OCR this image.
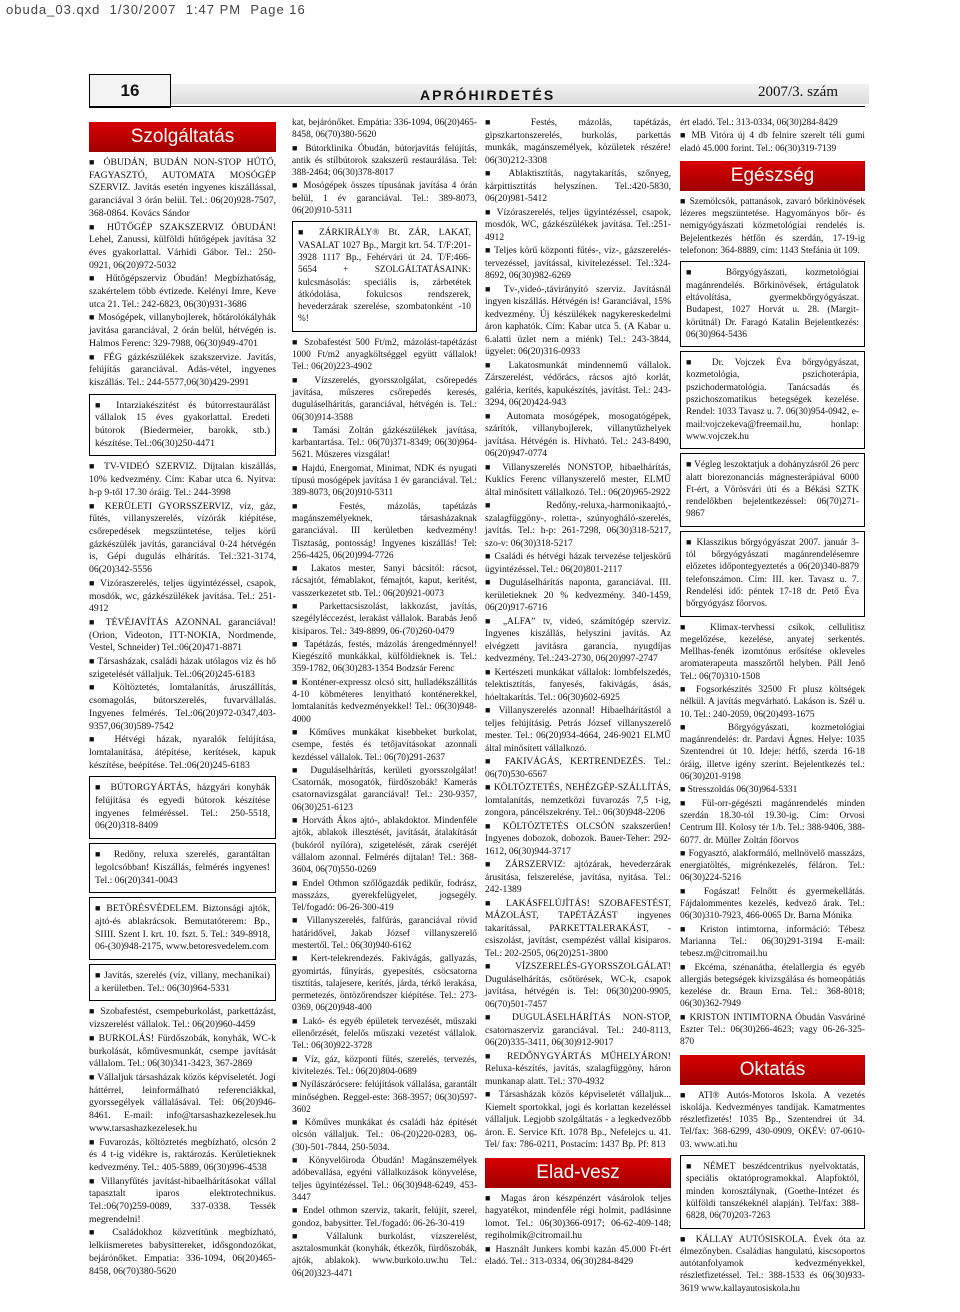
obuda_03.qxd  1/30/2007  1:47 PM  Page 16
16	APRÓHIRDETÉS	2007/3. szám
Szolgáltatás

■ ÓBUDÁN, BUDÁN NON-STOP HŰTŐ, FAGYASZTÓ, AUTOMATA MOSÓGÉP SZERVIZ. Javítás esetén ingyenes kiszállással, garanciával 3 órán belül. Tel.: 06(20)928-7507, 368-0864. Kovács Sándor

■ HŰTŐGÉP SZAKSZERVIZ ÓBUDÁN! Lehel, Zanussi, külföldi hűtőgépek javítása 32 éves gyakorlattal. Várhidi Gábor. Tel.: 250-0921, 06(20)972-5032

■ Hűtőgépszerviz Óbudán! Megbízhatóság, szakértelem több évtizede. Kelényi Imre, Keve utca 21. Tel.: 242-6823, 06(30)931-3686

■ Mosógépek, villanybojlerek, hőtárolókályhák javítása garanciával, 2 órán belül, hétvégén is. Halmos Ferenc: 329-7988, 06(30)949-4701

■ FÉG gázkészülékek szakszervize. Javítás, felújítás garanciával. Adás-vétel, ingyenes kiszállás. Tel.: 244-5577,06(30)429-2991

■ Intarziakészítést és bútorrestaurálást vállalok 15 éves gyakorlattal. Eredeti bútorok (Biedermeier, barokk, stb.) készítése. Tel.:06(30)250-4471

■ TV-VIDEÓ SZERVIZ. Díjtalan kiszállás, 10% kedvezmény. Cím: Kabar utca 6. Nyitva: h-p 9-től 17.30 óráig. Tel.: 244-3998

■ KERÜLETI GYORSSZERVIZ, víz, gáz, fűtés, villanyszerelés, vízórák kiépítése, csőrepedések megszüntetése, teljes körű gázkészülék javítás, garanciával 0-24 hétvégén is, Gépi dugulás elhárítás. Tel.:321-3174, 06(20)342-5556

■ Vízóraszerelés, teljes ügyintézéssel, csapok, mosdók, wc, gázkészülékek javítása. Tel.: 251- 4912

■ TÉVÉJAVÍTÁS AZONNAL garanciával! (Orion, Videoton, ITT-NOKIA, Nordmende, Vestel, Schneider) Tel.:06(20)471-8871

■ Társasházak, családi házak utólagos víz és hő szigetelését vállaljuk. Tel.:06(20)245-6183

■ Költöztetés, lomtalanítás, áruszállítás, csomagolás, bútorszerelés, fuvarvállalás. Ingyenes felmérés. Tel.:06(20)972-0347,403-9357,06(30)589-7542

■ Hétvégi házak, nyaralók felújítása, lomtalanítása, átépítése, kerítések, kapuk készítése, beépítése. Tel.:06(20)245-6183

■ BÚTORGYÁRTÁS, házgyári konyhák felújítása és egyedi bútorok készítése ingyenes felméréssel. Tel.: 250-5518, 06(20)318-8409

■ Redőny, reluxa szerelés, garantáltan legolcsóbban! Kiszállás, felmérés ingyenes! Tel.: 06(20)341-0043

■ BETÖRÉSVÉDELEM. Biztonsági ajtók, ajtó-és ablakrácsok. Bemutatóterem: Bp., SIIII. Szent I. krt. 10. fszt. 5. Tel.: 349-8918, 06-(30)948-2175, www.betoresvedelem.com

■ Javítás, szerelés (víz, villany, mechanikai) a kerületben. Tel.: 06(30)964-5331

■ Szobafestést, csempeburkolást, parkettázást, vízszerelést vállalok. Tel.: 06(20)960-4459

■ BURKOLÁS! Fürdőszobák, konyhák, WC-k burkolását, kőművesmunkát, csempe javítását vállalom. Tel.: 06(30)341-3423, 367-2869

■ Vállaljuk társasházak közös képviseletét. Jogi háttérrel, leinformálható referenciákkal, gyorssegélyek vállalásával. Tel: 06(20)946-8461. E-mail: info@tarsashazkezelesek.hu www.tarsashazkezelesek.hu

■ Fuvarozás, költöztetés megbízható, olcsón 2 és 4 t-ig vidékre is, raktározás. Kerületieknek kedvezmény. Tel.: 405-5889, 06(30)996-4538

■ Villanyfűtés javítást-hibaelhárításokat vállal tapasztalt iparos elektrotechnikus. Tel.:06(70)259-0089, 337-0338. Tessék megrendelni!

■ Családokhoz közvetítünk megbízható, lelkiismeretes babysittereket, idősgondozókat, bejárónőket. Empatia: 336-1094, 06(20)465-8458, 06(70)380-5620

kat, bejárónőket. Empátia: 336-1094, 06(20)465-8458, 06(70)380-5620

■ Bútorklinika Óbudán, bútorjavítás felújítás, antik és stílbútorok szakszerű restaurálása. Tel: 388-2464; 06(30)378-8017

■ Mosógépek összes típusának javítása 4 órán belül, 1 év garanciával. Tel.: 389-8073, 06(20)910-5311

■ ZÁRKIRÁLY® Bt. ZÁR, LAKAT, VASALAT 1027 Bp., Margit krt. 54. T/F:201-3928 1117 Bp., Fehérvári út 24. T/F:466-5654 + SZOLGÁLTATÁSAINK: kulcsmásolás: speciális is, zárbetétek átkódolása, fokulcsos rendszerek, hevederzárak szerelése, szombatonként -10 %!

■ Szobafestést 500 Ft/m2, mázolást-tapétázást 1000 Ft/m2 anyagköltséggel együtt vállalok! Tel.: 06(20)223-4902

■ Vízszerelés, gyorsszolgálat, csőrepedés javítása, műszeres csőrepedés keresés, duguláselhárítás, garanciával, hétvégén is. Tel.: 06(30)914-3588

■ Tamási Zoltán gázkészülékek javítása, karbantartása. Tel.: 06(70)371-8349; 06(30)964-5621. Műszeres vizsgálat!

■ Hajdú, Energomat, Minimat, NDK és nyugati típusú mosógépek javítása 1 év garanciával. Tel.: 389-8073, 06(20)910-5311

■ Festés, mázolás, tapétázás magánszemélyeknek, társasházaknak garanciával. III kerületben kedvezmény! Tisztaság, pontosság! Ingyenes kiszállás! Tel: 256-4425, 06(20)994-7726

■ Lakatos mester, Sanyi bácsitól: rácsot, rácsajtót, fémablakot, fémajtót, kaput, kerítést, vasszerkezetet stb. Tel.: 06(20)921-0073

■ Parkettacsiszolást, lakkozást, javítás, szegélyléccezést, lerakást vállalok. Barabás Jenő kisiparos. Tel.: 349-8899, 06-(70)260-0479

■ Tapétázás, festés, mázolás árengedménnyel! Kiegészítő munkákkal, külföldieknek is. Tel.: 359-1782, 06(30)283-1354 Bodzsár Ferenc

■ Konténer-expressz olcsó sitt, hulladékszállítás 4-10 köbméteres lenyitható konténerekkel, lomtalanítás kedvezményekkel! Tel.: 06(30)948-4000

■ Kőműves munkákat kisebbeket burkolat, csempe, festés és tetőjavításokat azonnali kezdéssel vállalok. Tel.: 06(70)291-2637

■ Duguláselhárítás, kerületi gyorsszolgálat! Csatornák, mosogatók, fürdőszobák! Kamerás csatornavizsgálat garanciával! Tel.: 230-9357, 06(30)251-6123

■ Horváth Ákos ajtó-, ablakdoktor. Mindenféle ajtók, ablakok illesztését, javítását, átalakítását (bukóról nyílóra), szigetelését, zárak cseréjét vállalom azonnal. Felmérés díjtalan! Tel.: 368-3604, 06(70)550-0269

■ Endel Othmon szőlőgazdák pedikűr, fodrász, masszázs, gyerekfelügyelet, jogsegély. Tel/fogadó: 06-26-300-419

■ Villanyszerelés, falfúrás, garanciával rövid határidővel, Jakab József villanyszerelő mestertől. Tel.: 06(30)940-6162

■ Kert-telekrendezés. Fakivágás, gallyazás, gyomirtás, fűnyírás, gyepesítés, csöcsatorna tisztítás, talajesere, kerítés, járda, térkő lerakása, permetezés, öntözőrendszer kiépítése. Tel.: 273-0369, 06(20)948-400

■ Lakó- és egyéb épületek tervezését, műszaki ellenőrzését, felelős műszaki vezetést vállalok. Tel.: 06(30)922-3728

■ Víz, gáz, központi fűtés, szerelés, tervezés, kivitelezés. Tel.: 06(20)804-0689

■ Nyílászárócsere: felújítások vállalása, garantált minőségben. Reggel-este: 368-3957; 06(30)597-3602

■ Kőműves munkákat és családi ház építését olcsón vállaljuk. Tel.: 06-(20)220-0283, 06-(30)-501-7844, 250-5034.

■ Könyvelőiroda Óbudán! Magánszemélyek adóbevallása, egyéni vállalkozások könyvelése, teljes ügyintézéssel. Tel.: 06(30)948-6249, 453-3447

■ Endel othmon szerviz, takarít, felújít, szerel, gondoz, babysitter. Tel./fogadó: 06-26-30-419

■ Vállalunk burkolást, vízszerelést, asztalosmunkát (konyhák, étkezők, fürdőszobák, ajtók, ablakok). www.burkolo.uw.hu Tel.: 06(20)323-4471

■ Festés, mázolás, tapétázás, gipszkartonszerelés, burkolás, parkettás munkák, magánszemélyek, közületek részére! 06(30)212-3308

■ Ablaktisztítás, nagytakarítás, szőnyeg, kárpittisztítás helyszínen. Tel.:420-5830, 06(20)981-5412

■ Vízóraszerelés, teljes ügyintézéssel, csapok, mosdók, WC, gázkészülékek javítása. Tel.:251-4912

■ Teljes körű központi fűtés-, víz-, gázszerelés-tervezéssel, javítással, kivitelezéssel. Tel.:324-8692, 06(30)982-6269

■ Tv-,videó-,távirányító szerviz. Javításnál ingyen kiszállás. Hétvégén is! Garanciával, 15% kedvezmény. Új készülékek nagykereskedelmi áron kaphatók. Cím: Kabar utca 5. (A Kabar u. 6.alatti üzlet nem a miénk) Tel.: 243-3844, ügyelet: 06(20)316-0933

■ Lakatosmunkát mindennemű vállalok. Zárszerelést, védőrács, rácsos ajtó korlát, galéria, kerítés, kapukészítés, javítást. Tel.: 243-3294, 06(20)424-943

■ Automata mosógépek, mosogatógépek, szárítók, villanybojlerek, villanytűzhelyek javítása. Hétvégén is. Hívható. Tel.: 243-8490, 06(20)947-0774

■ Villanyszerelés NONSTOP, hibaelhárítás, Kuklics Ferenc villanyszerelő mester, ELMŰ által minősített vállalkozó. Tel.: 06(20)965-2922

■ Redőny,-reluxa,-harmonikaajtó,-szalagfüggöny-, roletta-, szúnyogháló-szerelés, javítás. Tel.: h-p: 261-7298, 06(30)318-5217, szo-v: 06(30)318-5217

■ Családi és hétvégi házak tervezése teljeskörű ügyintézéssel. Tel.: 06(20)801-2117

■ Duguláselhárítás naponta, garanciával. III. kerületieknek 20 % kedvezmény. 340-1459, 06(20)917-6716

■ „ALFA” tv, videó, számítógép szerviz. Ingyenes kiszállás, helyszíni javítás. Az elvégzett javításra garancia, nyugdíjas kedvezmény. Tel.:243-2730, 06(20)997-2747

■ Kertészeti munkákat vállalok: lombfelszedés, telektisztítás, fanyesés, fakivágás, ásás, hóeltakarítás. Tel.: 06(30)602-6925

■ Villanyszerelés azonnal! Hibaelhárítástól a teljes felújításig. Petrás József villanyszerelő mester. Tel.: 06(20)934-4664, 246-9021 ELMŰ által minősített vállalkozó.

■ FAKIVÁGÁS, KERTRENDEZÉS. Tel.: 06(70)530-6567

■ KÖLTÖZTETÉS, NEHÉZGÉP-SZÁLLÍTÁS, lomtalanítás, nemzetközi fuvarozás 7,5 t-ig, zongora, páncélszekrény. Tel.: 06(30)948-2206

■ KÖLTÖZTETÉS OLCSÓN szakszerűen! Ingyenes dobozok, dobozok. Bauer-Teher: 292-1612, 06(30)944-3717

■ ZÁRSZERVIZ: ajtózárak, hevederzárak árusítása, felszerelése, javítása, nyitása. Tel.: 242-1389

■ LAKÁSFELÚJÍTÁS! SZOBAFESTÉST, MÁZOLÁST, TAPÉTÁZÁST ingyenes takarítással, PARKETTALERAKÁST, -csiszolást, javítást, csempézést vállal kisiparos. Tel.: 202-2505, 06(20)251-3800

■ VÍZSZERELÉS-GYORSSZOLGÁLAT! Duguláselhárítás, csőtörések, WC-k, csapok javítása, hétvégén is. Tel: 06(30)200-9905, 06(70)501-7457

■ DUGULÁSELHÁRÍTÁS NON-STOP, csatornaszerviz garanciával. Tel.: 240-8113, 06(20)335-3411, 06(30)912-9017

■ REDŐNYGYÁRTÁS MŰHELYÁRON! Reluxa-készítés, javítás, szalagfüggöny, háron munkanap alatt. Tel.: 370-4932

■ Társasházak közös képviseletét vállaljuk... Kiemelt sportokkal, jogi és korlattan kezeléssel vállaljuk. Legjobb szolgáltatás - a legkedvezőbb áron. E. Service Kft. 1078 Bp., Nefelejcs u. 41. Tel/ fax: 786-0211, Postacím: 1437 Bp. Pf: 813

Elad-vesz

■ Magas áron készpénzért vásárolok teljes hagyatékot, mindenféle régi holmit, padlásinne lomot. Tel.: 06(30)366-0917; 06-62-409-148; regiholmik@citromail.hu

■ Használt Junkers kombi kazán 45.000 Ft-ért eladó. Tel.: 313-0334, 06(30)284-8429

ért eladó. Tel.: 313-0334, 06(30)284-8429

■ MB Vitóra új 4 db felnire szerelt téli gumi eladó 45.000 forint. Tel.: 06(30)319-7139

Egészség

■ Szemölcsök, pattanások, zavaró bőrkinövések lézeres megszüntetése. Hagyományos bőr- és nemigyógyászati közmetológiai rendelés is. Bejelentkezés hétfőn és szerdán, 17-19-ig telefonon: 364-8889, cím: 1143 Stefánia út 109.

■ Bőrgyógyászati, kozmetológiai magánrendelés. Bőrkinövések, értágulatok eltávolítása, gyermekbőrgyógyászat. Budapest, 1027 Horvát u. 28. (Margit-körútnál) Dr. Faragó Katalin Bejelentkezés: 06(30)964-5436

■ Dr. Vojczek Éva bőrgyógyászat, kozmetológia, pszichoterápia, pszichodermatológia. Tanácsadás és pszichoszomatikus betegségek kezelése. Rendel: 1033 Tavasz u. 7. 06(30)954-0942, e-mail:vojczekeva@freemail.hu, honlap: www.vojczek.hu

■ Végleg leszoktatjuk a dohányzásról 26 perc alatt biorezonanciás mágnesterápiával 6000 Ft-ért, a Vörösvári úti és a Békási SZTK rendelőkben bejelentkezéssel: 06(70)271-9867

■ Klasszikus bőrgyógyászat 2007. január 3-tól bőrgyógyászati magánrendelésemre előzetes időpontegyeztetés a 06(20)340-8879 telefonszámon. Cím: III. ker. Tavasz u. 7. Rendelési idő: péntek 17-18 dr. Pető Éva bőrgyógyász főorvos.

■ Klimax-tervhessi csikok, cellulitisz megelőzése, kezelése, anyatej serkentés. Mellhas-fenék izomtónus erősítése okleveles aromaterapeuta masszőrtől helyben. Páll Jenő Tel.: 06(70)310-1508

■ Fogsorkészítés 32500 Ft plusz költségek nélkül. A javítás megvárható. Lakáson is. Szél u. 10. Tel.: 240-2059, 06(20)493-1675

■ Bőrgyógyászati, kozmetológiai magánrendelés: dr. Pardavi Ágnes. Helye: 1035 Szentendrei út 10. Ideje: hétfő, szerda 16-18 óráig, illetve igény szerint. Bejelentkezés tel.: 06(30)201-9198

■ Stresszoldás 06(30)964-5331

■ Fül-orr-gégészti magánrendelés minden szerdán 18.30-tól 19.30-ig. Cím: Orvosi Centrum III. Kolosy tér 1/b. Tel.: 388-9406, 388-6077. dr. Müller Zoltán főorvos

■ Fogyasztó, alakformáló, mellnövelő masszázs, energiatöltés, migrénkezelés, féláron. Tel.: 06(30)224-5216

■ Fogászat! Felnőtt és gyermekellátás. Fájdalommentes kezelés, kedvező árak. Tel.: 06(30)310-7923, 466-0065 Dr. Barna Mónika

■ Kriston intimtorna, információ: Tébesz Marianna Tel.: 06(30)291-3194 E-mail: tebesz.m@citromail.hu

■ Ekcéma, szénanátha, ételallergia és egyéb allergiás betegségek kivizsgálása és homeopátiás kezelése dr. Braun Erna. Tel.: 368-8018; 06(30)362-7949

■ KRISTON INTIMTORNA Óbudán Vasváriné Eszter Tel.: 06(30)266-4623; vagy 06-26-325-870

Oktatás

■ ATI® Autós-Motoros Iskola. A vezetés iskolája. Kedvezményes tandíjak. Kamatmentes részletfizetés! 1035 Bp., Szentendrei út 34. Tel/fax: 368-6299, 430-0909, OKÉV: 07-0610-03. www.ati.hu

■ NÉMET beszédcentrikus nyelvoktatás, speciális oktatóprogramokkal. Alapfoktól, minden korosztálynak, (Goethe-Intézet és külföldi tanszékeknél alapján). Tel/fax: 388-6828, 06(70)203-7263

■ KÁLLAY AUTÓSISKOLA. Évek óta az élmezőnyben. Családias hangulatú, kiscsoportos autótanfolyamok kedvezményekkel, részletfizetéssel. Tel.: 388-1533 és 06(30)933-3619 www.kallayautosiskola.hu
